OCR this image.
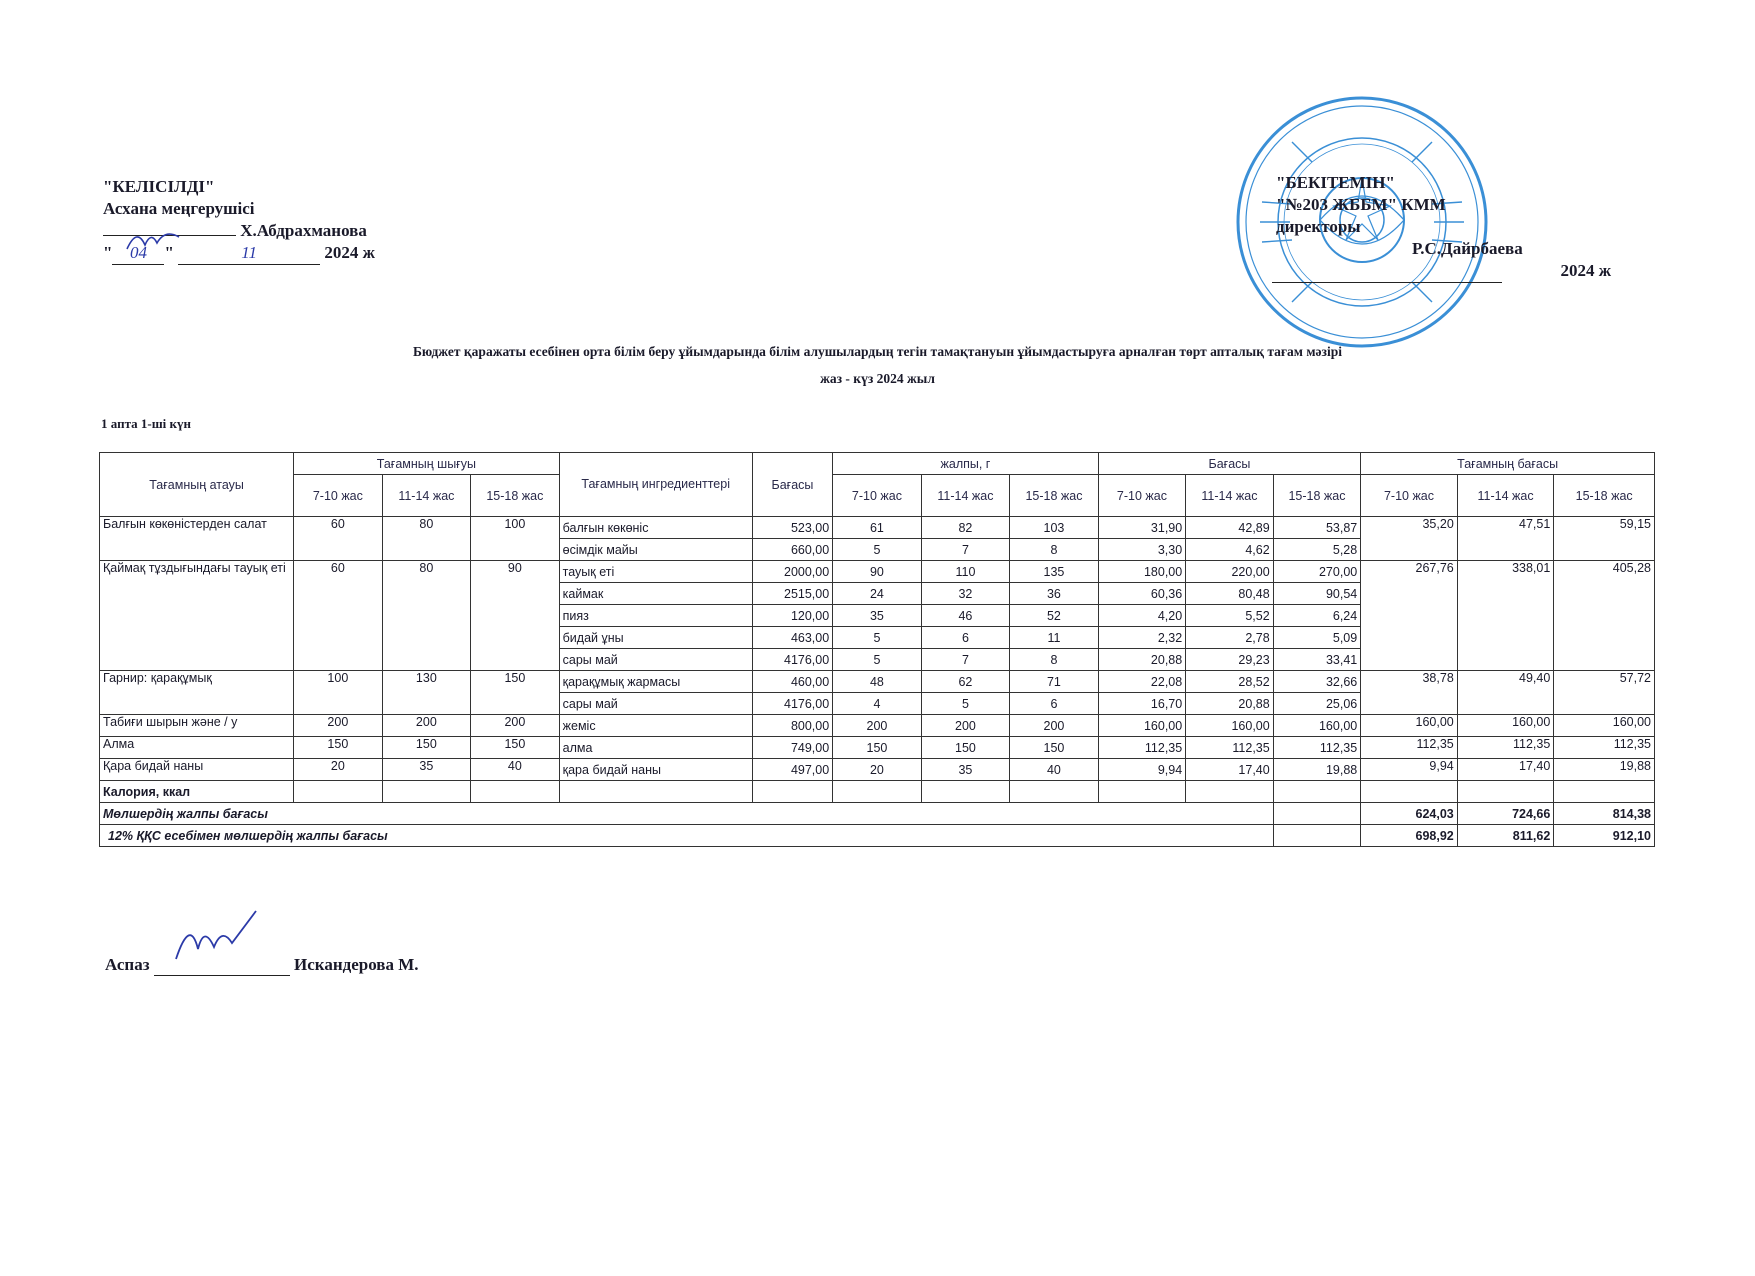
"КЕЛІСІЛДІ"
Асхана меңгерушісі
Х.Абдрахманова
" 04 "	11	2024 ж
"БЕКІТЕМІН"
"№203 ЖББМ" КММ
директоры
Р.С.Дайрбаева
2024 ж
Бюджет қаражаты есебінен орта білім беру ұйымдарында білім алушылардың тегін тамақтануын ұйымдастыруға арналған төрт апталық тағам мәзірі
жаз - күз 2024 жыл
1 апта 1-ші күн
Тағамның атауы	Тағамның шығуы			Тағамның ингредиенттері	Бағасы	жалпы, г			Бағасы			Тағамның бағасы		
	7-10 жас	11-14 жас	15-18 жас			7-10 жас	11-14 жас	15-18 жас	7-10 жас	11-14 жас	15-18 жас	7-10 жас	11-14 жас	15-18 жас
Балғын көкөністерден салат	60	80	100	балғын көкөніс	523,00	61	82	103	31,90	42,89	53,87	35,20	47,51	59,15
				өсімдік майы	660,00	5	7	8	3,30	4,62	5,28			
Қаймақ тұздығындағы тауық еті	60	80	90	тауық еті	2000,00	90	110	135	180,00	220,00	270,00	267,76	338,01	405,28
				каймак	2515,00	24	32	36	60,36	80,48	90,54			
				пияз	120,00	35	46	52	4,20	5,52	6,24			
				бидай ұны	463,00	5	6	11	2,32	2,78	5,09			
				сары май	4176,00	5	7	8	20,88	29,23	33,41			
Гарнир: қарақұмық	100	130	150	қарақұмық жармасы	460,00	48	62	71	22,08	28,52	32,66	38,78	49,40	57,72
				сары май	4176,00	4	5	6	16,70	20,88	25,06			
Табиғи шырын және / у	200	200	200	жеміс	800,00	200	200	200	160,00	160,00	160,00	160,00	160,00	160,00
Алма	150	150	150	алма	749,00	150	150	150	112,35	112,35	112,35	112,35	112,35	112,35
Қара бидай наны	20	35	40	қара бидай наны	497,00	20	35	40	9,94	17,40	19,88	9,94	17,40	19,88
Калория, ккал														
Мөлшердің жалпы бағасы												624,03	724,66	814,38
12% ҚҚС есебімен мөлшердің жалпы бағасы												698,92	811,62	912,10
Аспаз	Искандерова М.
